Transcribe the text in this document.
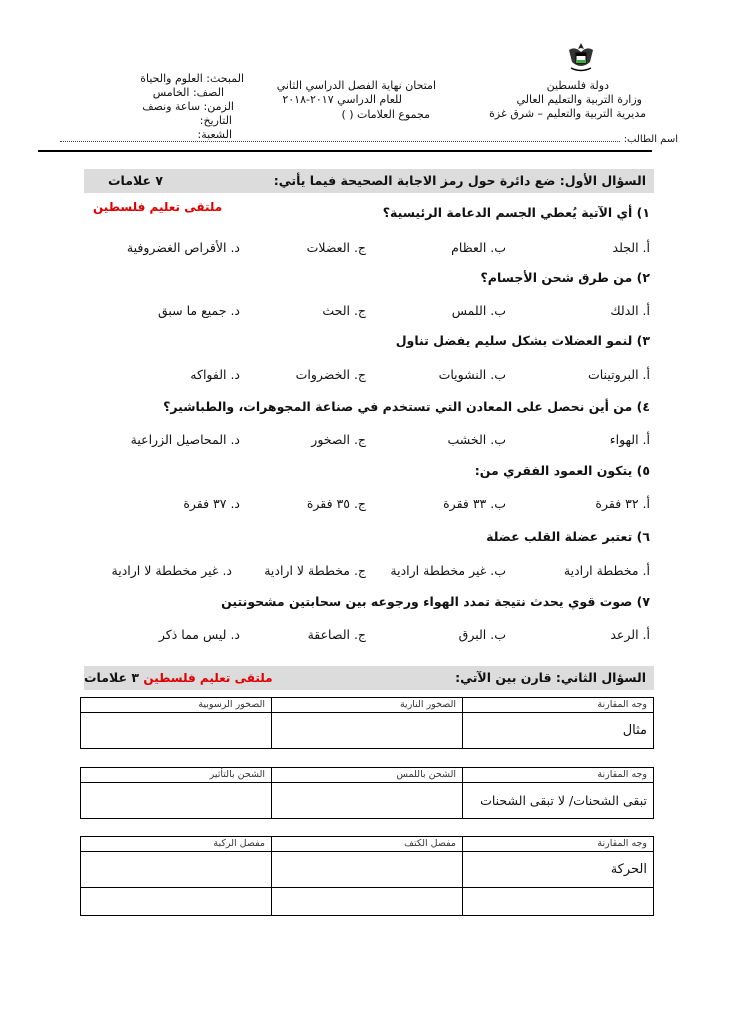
دولة فلسطين
وزارة التربية والتعليم العالي
مديرية التربية والتعليم – شرق غزة
امتحان نهاية الفصل الدراسي الثاني
للعام الدراسي ٢٠١٧-٢٠١٨
مجموع العلامات ( )
المبحث: العلوم والحياة
الصف: الخامس
الزمن: ساعة ونصف
التاريخ:
الشعبة:	اسم الطالب:
السؤال الأول: ضع دائرة حول رمز الاجابة الصحيحة فيما يأتي:
٧ علامات
ملتقى تعليم فلسطين	١) أي الآتية يُعطي الجسم الدعامة الرئيسية؟
أ. الجلد
ب. العظام
ج. العضلات
د. الأقراص الغضروفية
٢) من طرق شحن الأجسام؟
أ. الدلك
ب. اللمس
ج. الحث
د. جميع ما سبق
٣) لنمو العضلات بشكل سليم يفضل تناول
أ. البروتينات
ب. النشويات
ج. الخضروات
د. الفواكه
٤) من أين نحصل على المعادن التي تستخدم في صناعة المجوهرات، والطباشير؟
أ. الهواء
ب. الخشب
ج. الصخور
د. المحاصيل الزراعية
٥) يتكون العمود الفقري من:
أ. ٣٢ فقرة
ب. ٣٣ فقرة
ج. ٣٥ فقرة
د. ٣٧ فقرة
٦) تعتبر عضلة القلب عضلة
أ. مخططة ارادية
ب. غير مخططة ارادية
ج. مخططة لا ارادية
د. غير مخططة لا ارادية
٧) صوت قوي يحدث نتيجة تمدد الهواء ورجوعه بين سحابتين مشحونتين
أ. الرعد
ب. البرق
ج. الصاعقة
د. ليس مما ذكر
السؤال الثاني: قارن بين الآتي:
ملتقى تعليم فلسطين ٣ علامات
وجه المقارنة	الصخور النارية	الصخور الرسوبية
مثال		
وجه المقارنة	الشحن باللمس	الشحن بالتأثير
تبقى الشحنات/ لا تبقى الشحنات		
وجه المقارنة	مفصل الكتف	مفصل الركبة
الحركة		
